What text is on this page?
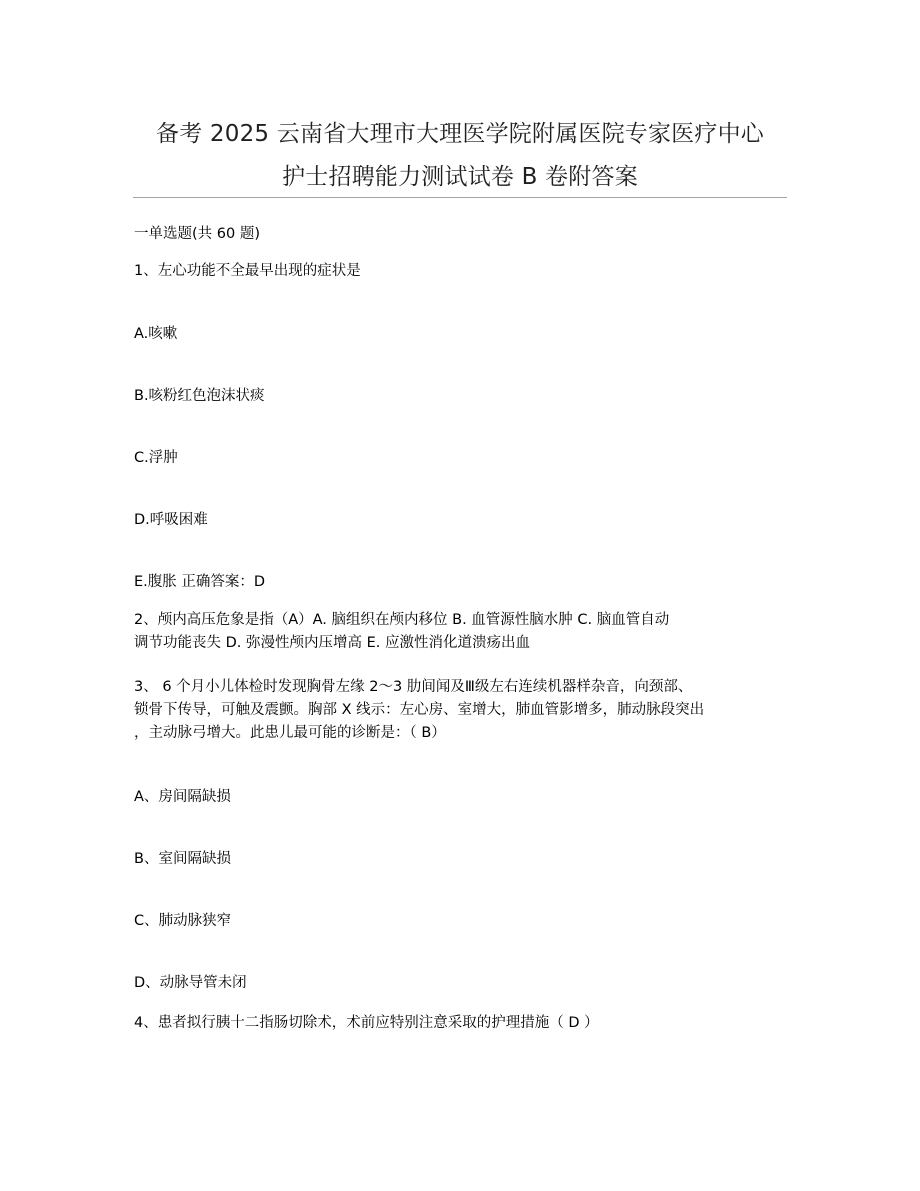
备考 2025 云南省大理市大理医学院附属医院专家医疗中心
护士招聘能力测试试卷 B 卷附答案
一单选题(共 60 题)
1、左心功能不全最早出现的症状是
A.咳嗽
B.咳粉红色泡沫状痰
C.浮肿
D.呼吸困难
E.腹胀 正确答案：D
2、颅内高压危象是指（A）A. 脑组织在颅内移位 B. 血管源性脑水肿 C. 脑血管自动
调节功能丧失 D. 弥漫性颅内压增高 E. 应激性消化道溃疡出血
3、 6 个月小儿体检时发现胸骨左缘 2～3 肋间闻及Ⅲ级左右连续机器样杂音，向颈部、
锁骨下传导，可触及震颤。胸部 X 线示：左心房、室增大，肺血管影增多，肺动脉段突出
，主动脉弓增大。此患儿最可能的诊断是：（ B）
A、房间隔缺损
B、室间隔缺损
C、肺动脉狭窄
D、动脉导管未闭
4、患者拟行胰十二指肠切除术，术前应特别注意采取的护理措施（ D ）
